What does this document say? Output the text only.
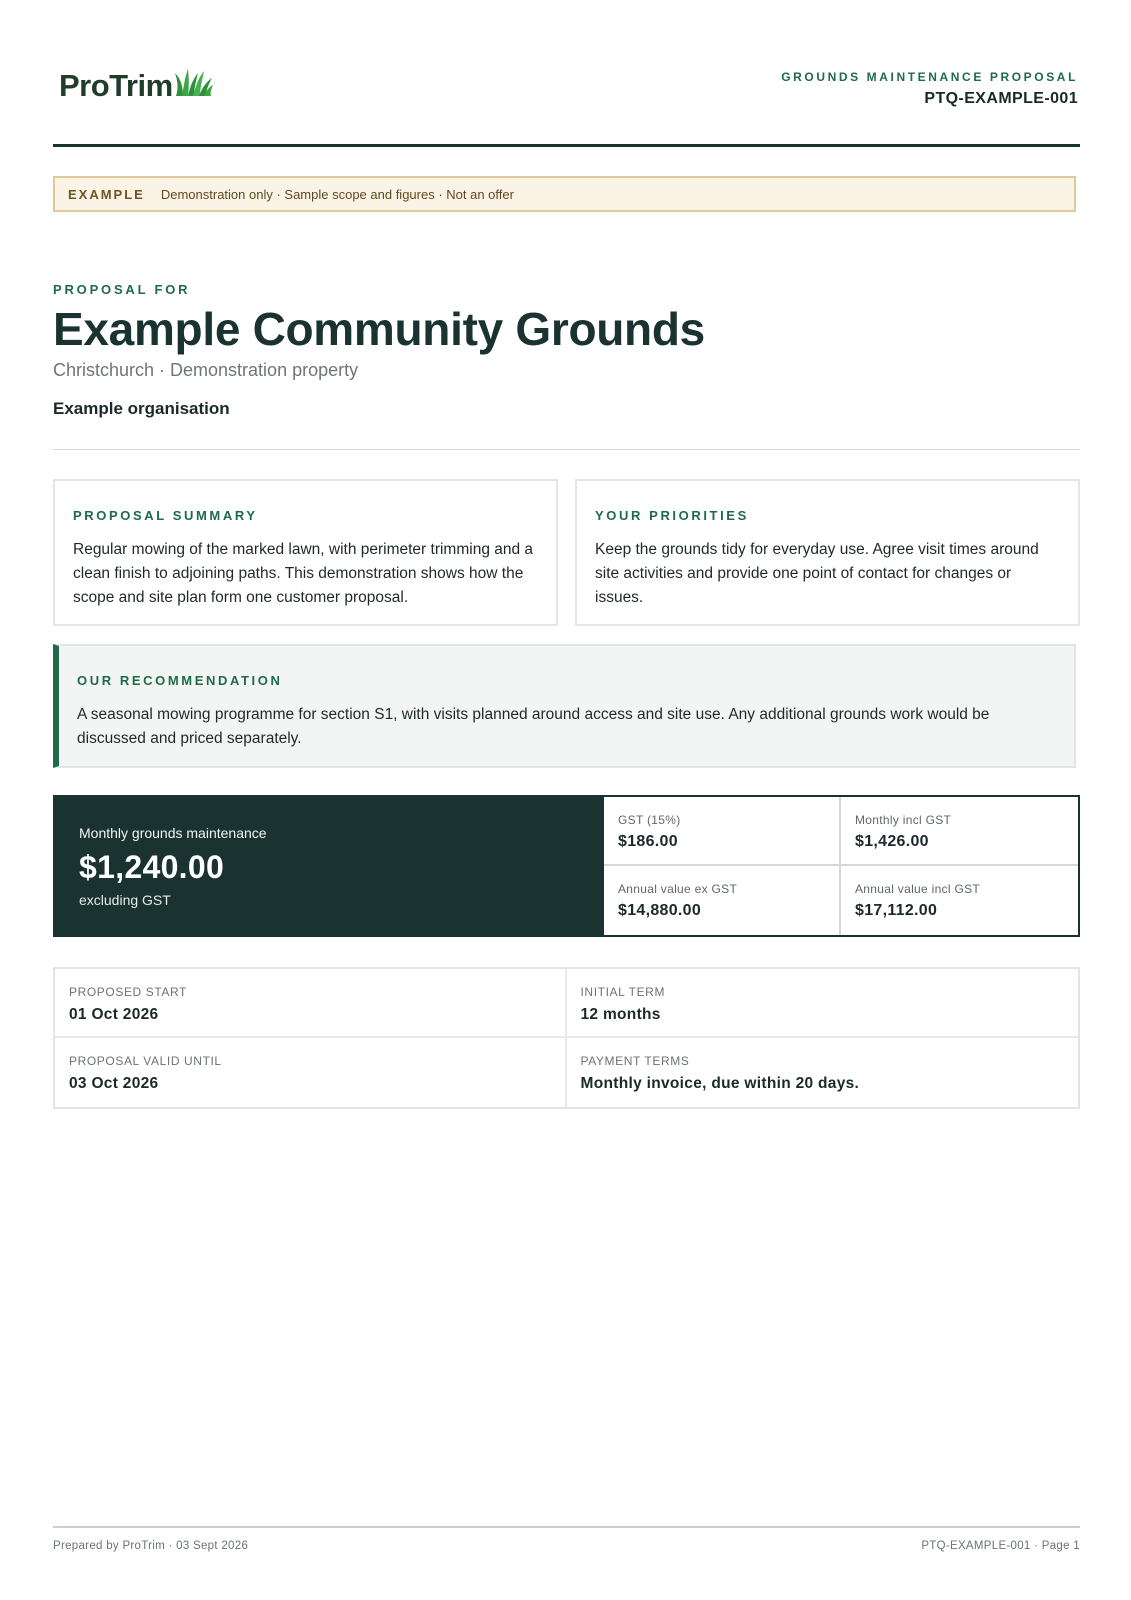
ProTrim	GROUNDS MAINTENANCE PROPOSAL
PTQ-EXAMPLE-001
EXAMPLE Demonstration only · Sample scope and figures · Not an offer
PROPOSAL FOR
Example Community Grounds
Christchurch · Demonstration property
Example organisation
PROPOSAL SUMMARY
Regular mowing of the marked lawn, with perimeter trimming and a clean finish to adjoining paths. This demonstration shows how the scope and site plan form one customer proposal.
YOUR PRIORITIES
Keep the grounds tidy for everyday use. Agree visit times around site activities and provide one point of contact for changes or issues.
OUR RECOMMENDATION
A seasonal mowing programme for section S1, with visits planned around access and site use. Any additional grounds work would be discussed and priced separately.
Monthly grounds maintenance
$1,240.00
excluding GST
GST (15%)
$186.00
Monthly incl GST
$1,426.00
Annual value ex GST
$14,880.00
Annual value incl GST
$17,112.00
PROPOSED START
01 Oct 2026
INITIAL TERM
12 months
PROPOSAL VALID UNTIL
03 Oct 2026
PAYMENT TERMS
Monthly invoice, due within 20 days.
Prepared by ProTrim · 03 Sept 2026	PTQ-EXAMPLE-001 · Page 1
